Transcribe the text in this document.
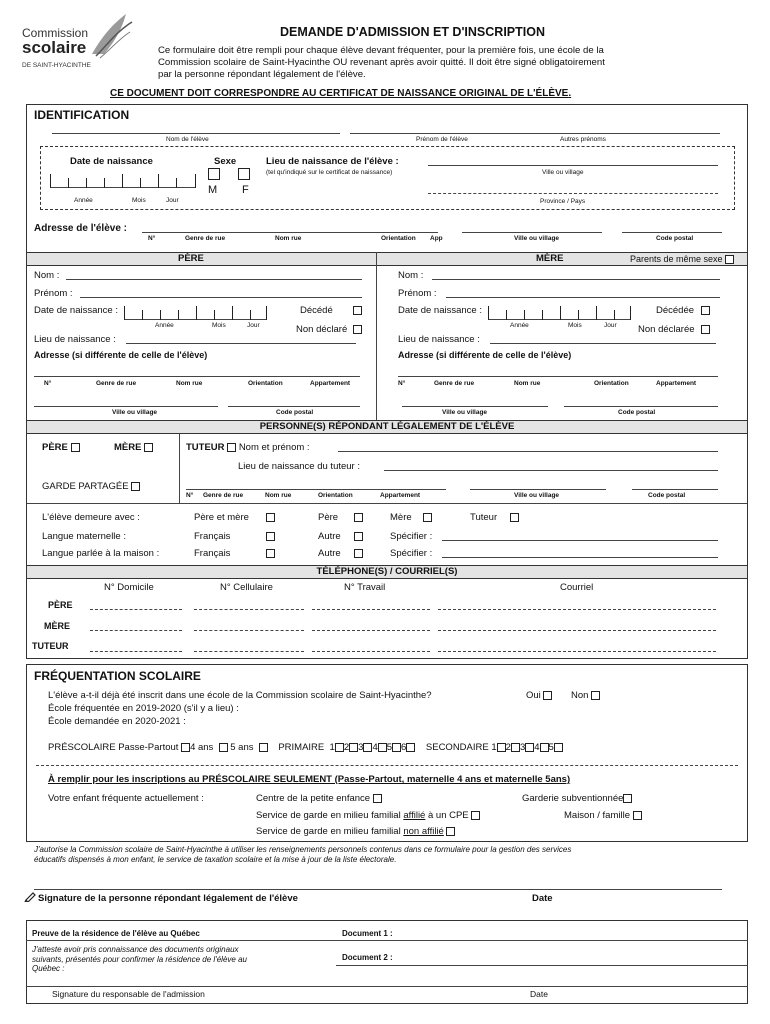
Commission
scolaire
DE SAINT-HYACINTHE
DEMANDE D'ADMISSION ET D'INSCRIPTION
Ce formulaire doit être rempli pour chaque élève devant fréquenter, pour la première fois, une école de la
Commission scolaire de Saint-Hyacinthe OU revenant après avoir quitté. Il doit être signé obligatoirement
par la personne répondant légalement de l'élève.
CE DOCUMENT DOIT CORRESPONDRE AU CERTIFICAT DE NAISSANCE ORIGINAL DE L'ÉLÈVE.
IDENTIFICATION
Nom de l'élève	Prénom de l'élève	Autres prénoms
Date de naissance	Sexe
M F
Année	Mois	Jour
Lieu de naissance de l'élève :
(tel qu'indiqué sur le certificat de naissance)	Ville ou village
Province / Pays
Adresse de l'élève :
N°	Genre de rue	Nom rue	Orientation App	Ville ou village	Code postal
PÈRE	MÈRE	Parents de même sexe
Nom :
Prénom :
Date de naissance :
Année	Mois	Jour
Décédé
Non déclaré
Lieu de naissance :
Adresse (si différente de celle de l'élève)
N°	Genre de rue	Nom rue	Orientation	Appartement
Ville ou village	Code postal
Nom :
Prénom :
Date de naissance :
Année	Mois	Jour
Décédée
Non déclarée
Lieu de naissance :
Adresse (si différente de celle de l'élève)
N°	Genre de rue	Nom rue	Orientation	Appartement
Ville ou village	Code postal
PERSONNE(S) RÉPONDANT LÉGALEMENT DE L'ÉLÈVE
PÈRE	MÈRE	TUTEUR Nom et prénom :
Lieu de naissance du tuteur :
GARDE PARTAGÉE
N° Genre de rue	Nom rue	Orientation	Appartement	Ville ou village	Code postal
L'élève demeure avec :	Père et mère	Père	Mère	Tuteur
Langue maternelle :	Français	Autre	Spécifier :
Langue parlée à la maison :	Français	Autre	Spécifier :
TÉLÉPHONE(S) / COURRIEL(S)
N° Domicile	N° Cellulaire	N° Travail	Courriel
PÈRE
MÈRE
TUTEUR
FRÉQUENTATION SCOLAIRE
L'élève a-t-il déjà été inscrit dans une école de la Commission scolaire de Saint-Hyacinthe?	Oui	Non
École fréquentée en 2019-2020 (s'il y a lieu) :
École demandée en 2020-2021 :
PRÉSCOLAIRE Passe-Partout 4 ans 5 ans	PRIMAIRE 1 2 3 4 5 6 SECONDAIRE 1 2 3 4 5
À remplir pour les inscriptions au PRÉSCOLAIRE SEULEMENT (Passe-Partout, maternelle 4 ans et maternelle 5ans)
Votre enfant fréquente actuellement :	Centre de la petite enfance	Garderie subventionnée
Service de garde en milieu familial affilié à un CPE	Maison / famille
Service de garde en milieu familial non affilié
J'autorise la Commission scolaire de Saint-Hyacinthe à utiliser les renseignements personnels contenus dans ce formulaire pour la gestion des services
éducatifs dispensés à mon enfant, le service de taxation scolaire et la mise à jour de la liste électorale.
Signature de la personne répondant légalement de l'élève	Date
Preuve de la résidence de l'élève au Québec
J'atteste avoir pris connaissance des documents originaux
suivants, présentés pour confirmer la résidence de l'élève au
Québec :
Document 1 :
Document 2 :
Signature du responsable de l'admission	Date
